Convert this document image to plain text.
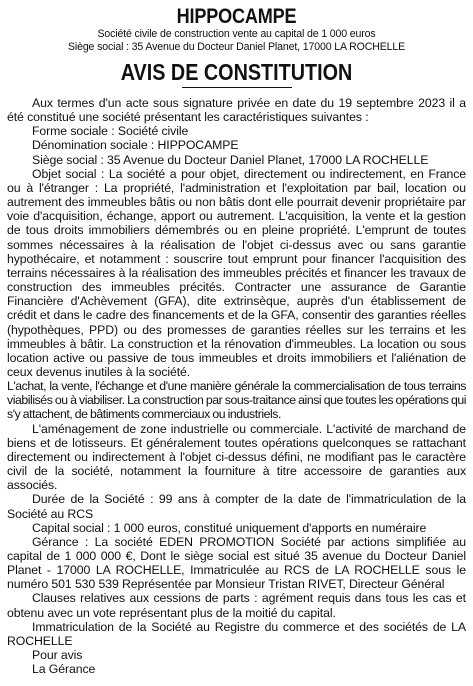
HIPPOCAMPE

Société civile de construction vente au capital de 1 000 euros

Siège social : 35 Avenue du Docteur Daniel Planet, 17000 LA ROCHELLE

AVIS DE CONSTITUTION

Aux termes d'un acte sous signature privée en date du 19 septembre 2023 il a été constitué une société présentant les caractéristiques suivantes :

Forme sociale : Société civile

Dénomination sociale : HIPPOCAMPE

Siège social : 35 Avenue du Docteur Daniel Planet, 17000 LA ROCHELLE

Objet social : La société a pour objet, directement ou indirectement, en France ou à l'étranger : La propriété, l'administration et l'exploitation par bail, location ou autrement des immeubles bâtis ou non bâtis dont elle pourrait devenir propriétaire par voie d'acquisition, échange, apport ou autrement. L'acquisition, la vente et la gestion de tous droits immobiliers démembrés ou en pleine propriété. L'emprunt de toutes sommes nécessaires à la réalisation de l'objet ci-dessus avec ou sans garantie hypothécaire, et notamment : souscrire tout emprunt pour financer l'acquisition des terrains nécessaires à la réalisation des immeubles précités et financer les travaux de construction des immeubles précités. Contracter une assurance de Garantie Financière d'Achèvement (GFA), dite extrinsèque, auprès d'un établissement de crédit et dans le cadre des financements et de la GFA, consentir des garanties réelles (hypothèques, PPD) ou des promesses de garanties réelles sur les terrains et les immeubles à bâtir. La construction et la rénovation d'immeubles. La location ou sous location active ou passive de tous immeubles et droits immobiliers et l'aliénation de ceux devenus inutiles à la société.

L'achat, la vente, l'échange et d'une manière générale la commercialisation de tous terrains viabilisés ou à viabiliser. La construction par sous-traitance ainsi que toutes les opérations qui s'y attachent, de bâtiments commerciaux ou industriels.

L'aménagement de zone industrielle ou commerciale. L'activité de marchand de biens et de lotisseurs. Et généralement toutes opérations quelconques se rattachant directement ou indirectement à l'objet ci-dessus défini, ne modifiant pas le caractère civil de la société, notamment la fourniture à titre accessoire de garanties aux associés.

Durée de la Société : 99 ans à compter de la date de l'immatriculation de la Société au RCS

Capital social : 1 000 euros, constitué uniquement d'apports en numéraire

Gérance : La société EDEN PROMOTION Société par actions simplifiée au capital de 1 000 000 €, Dont le siège social est situé 35 avenue du Docteur Daniel Planet - 17000 LA ROCHELLE, Immatriculée au RCS de LA ROCHELLE sous le numéro 501 530 539 Représentée par Monsieur Tristan RIVET, Directeur Général

Clauses relatives aux cessions de parts : agrément requis dans tous les cas et obtenu avec un vote représentant plus de la moitié du capital.

Immatriculation de la Société au Registre du commerce et des sociétés de LA ROCHELLE

Pour avis

La Gérance
